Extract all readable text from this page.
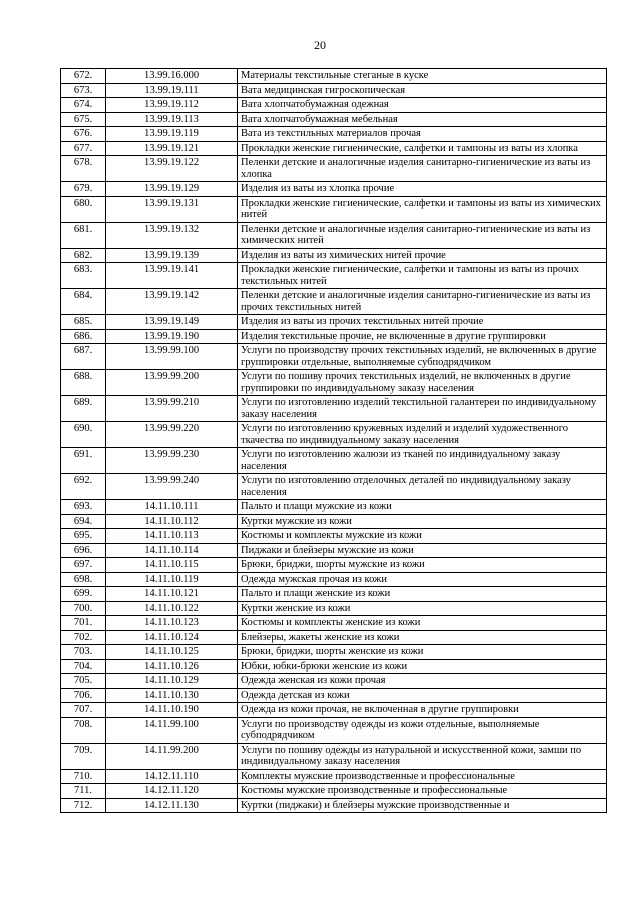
20
672.	13.99.16.000	Материалы текстильные стеганые в куске
673.	13.99.19.111	Вата медицинская гигроскопическая
674.	13.99.19.112	Вата хлопчатобумажная одежная
675.	13.99.19.113	Вата хлопчатобумажная мебельная
676.	13.99.19.119	Вата из текстильных материалов прочая
677.	13.99.19.121	Прокладки женские гигиенические, салфетки и тампоны из ваты из хлопка
678.	13.99.19.122	Пеленки детские и аналогичные изделия санитарно-гигиенические из ваты из хлопка
679.	13.99.19.129	Изделия из ваты из хлопка прочие
680.	13.99.19.131	Прокладки женские гигиенические, салфетки и тампоны из ваты из химических нитей
681.	13.99.19.132	Пеленки детские и аналогичные изделия санитарно-гигиенические из ваты из химических нитей
682.	13.99.19.139	Изделия из ваты из химических нитей прочие
683.	13.99.19.141	Прокладки женские гигиенические, салфетки и тампоны из ваты из прочих текстильных нитей
684.	13.99.19.142	Пеленки детские и аналогичные изделия санитарно-гигиенические из ваты из прочих текстильных нитей
685.	13.99.19.149	Изделия из ваты из прочих текстильных нитей прочие
686.	13.99.19.190	Изделия текстильные прочие, не включенные в другие группировки
687.	13.99.99.100	Услуги по производству прочих текстильных изделий, не включенных в другие группировки отдельные, выполняемые субподрядчиком
688.	13.99.99.200	Услуги по пошиву прочих текстильных изделий, не включенных в другие группировки по индивидуальному заказу населения
689.	13.99.99.210	Услуги по изготовлению изделий текстильной галантереи по индивидуальному заказу населения
690.	13.99.99.220	Услуги по изготовлению кружевных изделий и изделий художественного ткачества по индивидуальному заказу населения
691.	13.99.99.230	Услуги по изготовлению жалюзи из тканей по индивидуальному заказу населения
692.	13.99.99.240	Услуги по изготовлению отделочных деталей по индивидуальному заказу населения
693.	14.11.10.111	Пальто и плащи мужские из кожи
694.	14.11.10.112	Куртки мужские из кожи
695.	14.11.10.113	Костюмы и комплекты мужские из кожи
696.	14.11.10.114	Пиджаки и блейзеры мужские из кожи
697.	14.11.10.115	Брюки, бриджи, шорты мужские из кожи
698.	14.11.10.119	Одежда мужская прочая из кожи
699.	14.11.10.121	Пальто и плащи женские из кожи
700.	14.11.10.122	Куртки женские из кожи
701.	14.11.10.123	Костюмы и комплекты женские из кожи
702.	14.11.10.124	Блейзеры, жакеты женские из кожи
703.	14.11.10.125	Брюки, бриджи, шорты женские из кожи
704.	14.11.10.126	Юбки, юбки-брюки женские из кожи
705.	14.11.10.129	Одежда женская из кожи прочая
706.	14.11.10.130	Одежда детская из кожи
707.	14.11.10.190	Одежда из кожи прочая, не включенная в другие группировки
708.	14.11.99.100	Услуги по производству одежды из кожи отдельные, выполняемые субподрядчиком
709.	14.11.99.200	Услуги по пошиву одежды из натуральной и искусственной кожи, замши по индивидуальному заказу населения
710.	14.12.11.110	Комплекты мужские производственные и профессиональные
711.	14.12.11.120	Костюмы мужские производственные и профессиональные
712.	14.12.11.130	Куртки (пиджаки) и блейзеры мужские производственные и
